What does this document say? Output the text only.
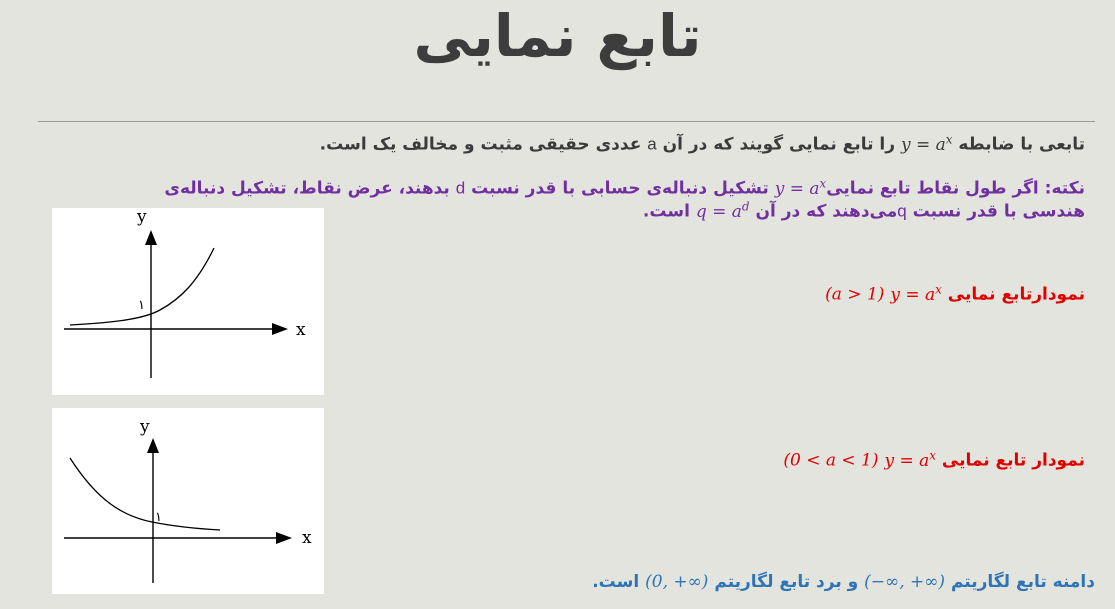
تابع نمایی
تابعی با ضابطه $y = a^x$ را تابع نمایی گویند که در آن a عددی حقیقی مثبت و مخالف یک است.
نکته: اگر طول نقاط تابع نماییy = $a^x$ تشکیل دنباله‌ی حسابی با قدر نسبت d بدهند، عرض نقاط، تشکیل دنباله‌ی
هندسی با قدر نسبت qمی‌دهند که در آن $q = a^d$ است.
y
x
۱
نمودارتابع نمایی $y = a^x$ (a > 1)
y
x
۱
نمودار تابع نمایی $y = a^x$ (0 < a < 1)
دامنه تابع لگاریتم (−∞, +∞) و برد تابع لگاریتم (0, +∞) است.
